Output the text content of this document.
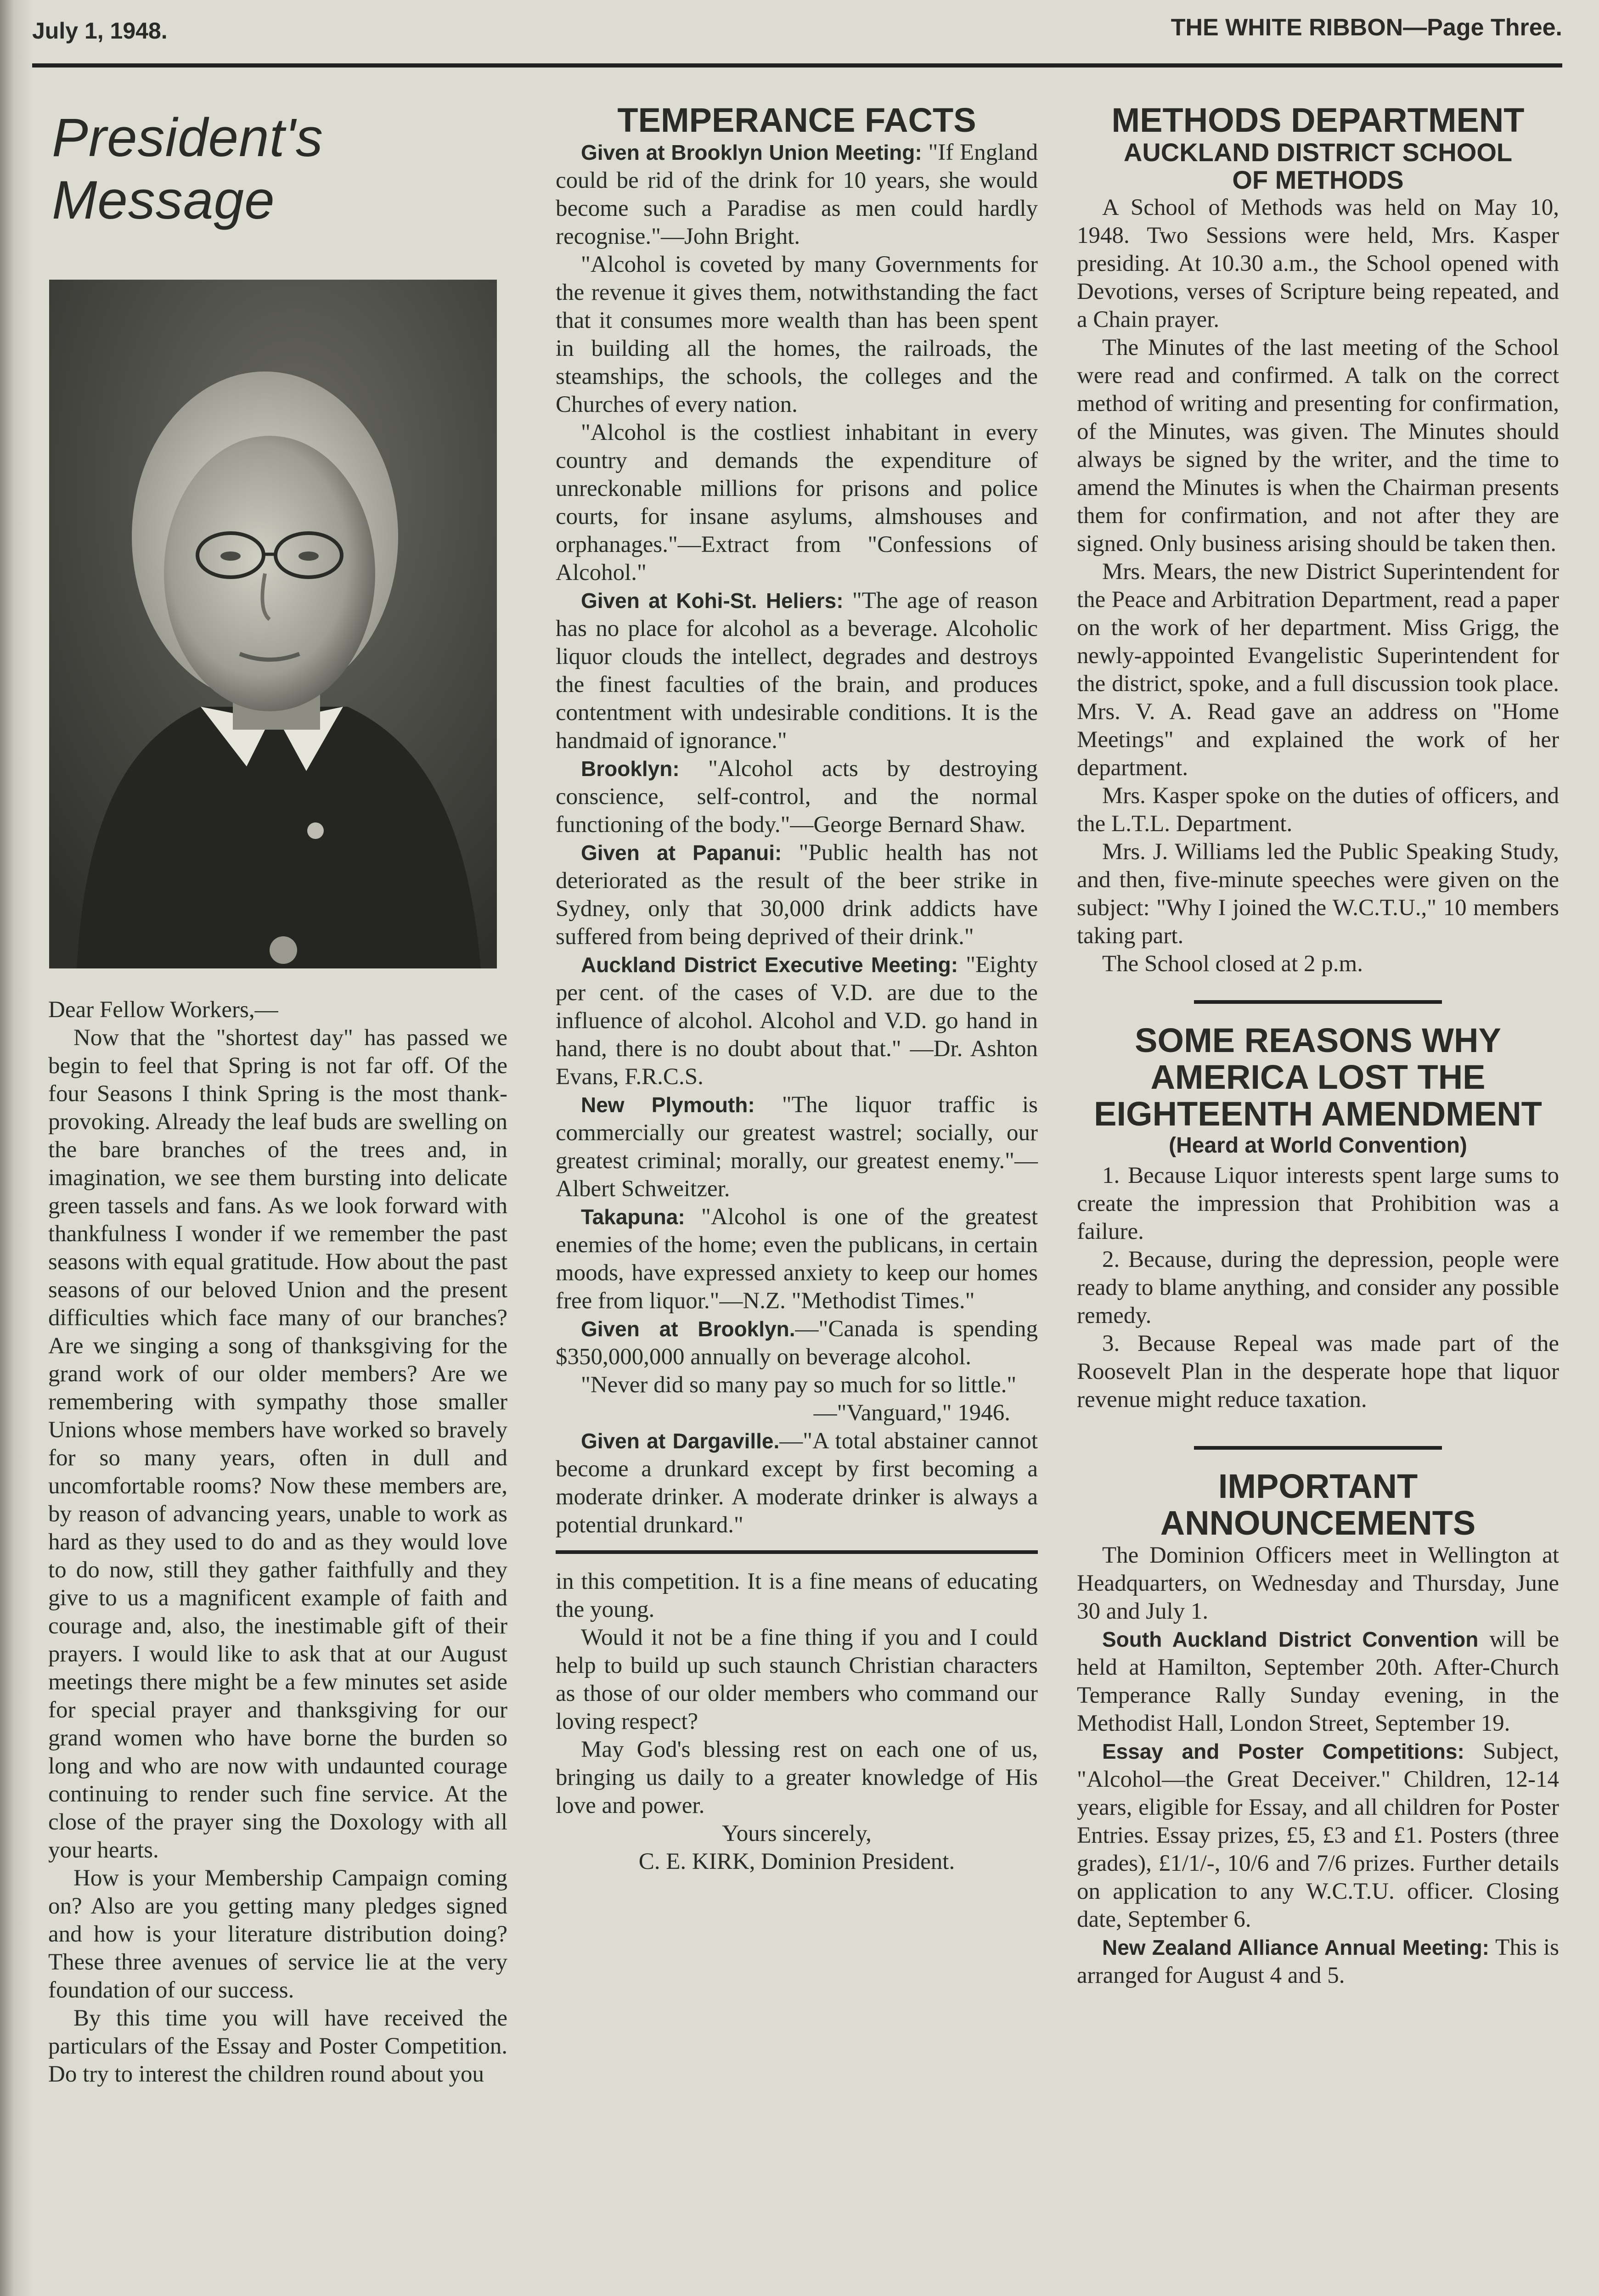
July 1, 1948.	THE WHITE RIBBON—Page Three.
President's Message

Dear Fellow Workers,—

Now that the "shortest day" has passed we begin to feel that Spring is not far off. Of the four Seasons I think Spring is the most thank-provoking. Already the leaf buds are swelling on the bare branches of the trees and, in imagination, we see them bursting into delicate green tassels and fans. As we look forward with thankfulness I wonder if we remember the past seasons with equal gratitude. How about the past seasons of our beloved Union and the present difficulties which face many of our branches? Are we singing a song of thanksgiving for the grand work of our older members? Are we remembering with sympathy those smaller Unions whose members have worked so bravely for so many years, often in dull and uncomfortable rooms? Now these members are, by reason of advancing years, unable to work as hard as they used to do and as they would love to do now, still they gather faithfully and they give to us a magnificent example of faith and courage and, also, the inestimable gift of their prayers. I would like to ask that at our August meetings there might be a few minutes set aside for special prayer and thanksgiving for our grand women who have borne the burden so long and who are now with undaunted courage continuing to render such fine service. At the close of the prayer sing the Doxology with all your hearts.

How is your Membership Campaign coming on? Also are you getting many pledges signed and how is your literature distribution doing? These three avenues of service lie at the very foundation of our success.

By this time you will have received the particulars of the Essay and Poster Competition. Do try to interest the children round about you

TEMPERANCE FACTS

Given at Brooklyn Union Meeting: "If England could be rid of the drink for 10 years, she would become such a Paradise as men could hardly recognise."—John Bright.

"Alcohol is coveted by many Governments for the revenue it gives them, notwithstanding the fact that it consumes more wealth than has been spent in building all the homes, the railroads, the steamships, the schools, the colleges and the Churches of every nation.

"Alcohol is the costliest inhabitant in every country and demands the expenditure of unreckonable millions for prisons and police courts, for insane asylums, almshouses and orphanages."—Extract from "Confessions of Alcohol."

Given at Kohi-St. Heliers: "The age of reason has no place for alcohol as a beverage. Alcoholic liquor clouds the intellect, degrades and destroys the finest faculties of the brain, and produces contentment with undesirable conditions. It is the handmaid of ignorance."

Brooklyn: "Alcohol acts by destroying conscience, self-control, and the normal functioning of the body."—George Bernard Shaw.

Given at Papanui: "Public health has not deteriorated as the result of the beer strike in Sydney, only that 30,000 drink addicts have suffered from being deprived of their drink."

Auckland District Executive Meeting: "Eighty per cent. of the cases of V.D. are due to the influence of alcohol. Alcohol and V.D. go hand in hand, there is no doubt about that." —Dr. Ashton Evans, F.R.C.S.

New Plymouth: "The liquor traffic is commercially our greatest wastrel; socially, our greatest criminal; morally, our greatest enemy."—Albert Schweitzer.

Takapuna: "Alcohol is one of the greatest enemies of the home; even the publicans, in certain moods, have expressed anxiety to keep our homes free from liquor."—N.Z. "Methodist Times."

Given at Brooklyn.—"Canada is spending $350,000,000 annually on beverage alcohol.

"Never did so many pay so much for so little."

—"Vanguard," 1946.

Given at Dargaville.—"A total abstainer cannot become a drunkard except by first becoming a moderate drinker. A moderate drinker is always a potential drunkard."

in this competition. It is a fine means of educating the young.

Would it not be a fine thing if you and I could help to build up such staunch Christian characters as those of our older members who command our loving respect?

May God's blessing rest on each one of us, bringing us daily to a greater knowledge of His love and power.

Yours sincerely,

C. E. KIRK, Dominion President.

METHODS DEPARTMENT
AUCKLAND DISTRICT SCHOOL
OF METHODS

A School of Methods was held on May 10, 1948. Two Sessions were held, Mrs. Kasper presiding. At 10.30 a.m., the School opened with Devotions, verses of Scripture being repeated, and a Chain prayer.

The Minutes of the last meeting of the School were read and confirmed. A talk on the correct method of writing and presenting for confirmation, of the Minutes, was given. The Minutes should always be signed by the writer, and the time to amend the Minutes is when the Chairman presents them for confirmation, and not after they are signed. Only business arising should be taken then.

Mrs. Mears, the new District Superintendent for the Peace and Arbitration Department, read a paper on the work of her department. Miss Grigg, the newly-appointed Evangelistic Superintendent for the district, spoke, and a full discussion took place. Mrs. V. A. Read gave an address on "Home Meetings" and explained the work of her department.

Mrs. Kasper spoke on the duties of officers, and the L.T.L. Department.

Mrs. J. Williams led the Public Speaking Study, and then, five-minute speeches were given on the subject: "Why I joined the W.C.T.U.," 10 members taking part.

The School closed at 2 p.m.

SOME REASONS WHY
AMERICA LOST THE
EIGHTEENTH AMENDMENT
(Heard at World Convention)

1. Because Liquor interests spent large sums to create the impression that Prohibition was a failure.

2. Because, during the depression, people were ready to blame anything, and consider any possible remedy.

3. Because Repeal was made part of the Roosevelt Plan in the desperate hope that liquor revenue might reduce taxation.

IMPORTANT
ANNOUNCEMENTS

The Dominion Officers meet in Wellington at Headquarters, on Wednesday and Thursday, June 30 and July 1.

South Auckland District Convention will be held at Hamilton, September 20th. After-Church Temperance Rally Sunday evening, in the Methodist Hall, London Street, September 19.

Essay and Poster Competitions: Subject, "Alcohol—the Great Deceiver." Children, 12-14 years, eligible for Essay, and all children for Poster Entries. Essay prizes, £5, £3 and £1. Posters (three grades), £1/1/-, 10/6 and 7/6 prizes. Further details on application to any W.C.T.U. officer. Closing date, September 6.

New Zealand Alliance Annual Meeting: This is arranged for August 4 and 5.
